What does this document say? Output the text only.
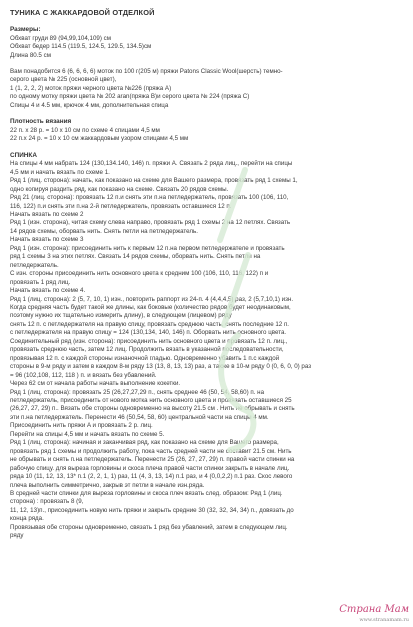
ТУНИКА С ЖАККАРДОВОЙ ОТДЕЛКОЙ
Размеры:
Обхват груди 89 (94,99,104,109) см
Обхват бедер 114.5 (119.5, 124.5, 129.5, 134.5)см
Длина 80.5 см
Вам понадобится 6 (6, 6, 6, 6) моток по 100 г(205 м) пряжи Patons Classic Wool(шерсть) темно-
серого цвета № 225 (основной цвет),
1 (1, 2, 2, 2) моток пряжи черного цвета №226 (пряжа A)
по одному мотку пряжи цвета № 202 aran(пряжа B)и серого цвета № 224 (пряжа C)
Спицы 4 и 4.5 мм, крючок 4 мм, дополнительная спица
Плотность вязания
22 п. х 28 р. = 10 х 10 см по схеме 4 спицами 4,5 мм
22 п.х 24 р. = 10 х 10 см жаккардовым узором спицами 4,5 мм
СПИНКА
На спицы 4 мм набрать 124 (130,134.140, 146) п. пряжи A. Связать 2 ряда лиц., перейти на спицы
4,5 мм и начать вязать по схеме 1.
Ряд 1 (лиц. сторона): начать, как показано на схеме для Вашего размера, провязать ряд 1 схемы 1,
одно копируя раздить ряд, как показано на схеме. Связать 20 рядов схемы.
Ряд 21 (лиц. сторона): провязать 12 п.и снять эти п.на петледержатель, провязать 100 (106, 110,
116, 122) п.и снять эти п.на 2-й петледержатель, провязать оставшиеся 12 п.
Начать вязать по схеме 2
Ряд 1 (изн. сторона), читая схему слева направо, провязать ряд 1 схемы 2 на 12 петлях. Связать
14 рядов схемы, оборвать нить. Снять петли на петледержатель.
Начать вязать по схеме 3
Ряд 1 (изн. сторона): присоединить нить к первым 12 п.на первом петледержателе и провязать
ряд 1 схемы 3 на этих петлях. Связать 14 рядов схемы, оборвать нить. Снять петли на
петледержатель.
С изн. стороны присоединить нить основного цвета к средним 100 (106, 110, 116, 122) п и
провязать 1 ряд лиц.
Начать вязать по схеме 4.
Ряд 1 (лиц. сторона): 2 (5, 7, 10, 1) изн., повторить раппорт из 24-п. 4 (4,4,4,5) раз, 2 (5,7,10,1) изн.
Когда средняя часть будет такой же длины, как боковые (количество рядов будет неодинаковым,
поэтому нужно их тщательно измерить длину), в следующем (лицевом) ряду
снять 12 п. с петледержателя на правую спицу, провязать среднюю часть, снять последние 12 п.
с петледержателя на правую спицу = 124 (130,134, 140, 146) п. Оборвать нить основного цвета.
Соединительный ряд (изн. сторона): присоединить нить основного цвета и провязать 12 п. лиц.,
провязать среднюю часть, затем 12 лиц. Продолжить вязать в указанной последовательности,
провязывая 12 п. с каждой стороны изнаночной гладью. Одновременно убавить 1 п.с каждой
стороны в 9-м ряду и затем в каждом 8-м ряду 13 (13, 8, 13, 13) раз, а также в 10-м ряду 0 (0, 6, 0, 0) раз
= 96 (102,108, 112, 118 ) п. и вязать без убавлений.
Через 62 см от начала работы начать выполнение кокетки.
Ряд 1 (лиц. сторона): провязать 25 (26,27,27,29 п., снять среднее 46 (50, 54, 58,60) п. на
петледержатель, присоединить от нового мотка нить основного цвета и провязать оставшиеся 25
(26,27, 27, 29) п.. Вязать обе стороны одновременно на высоту 21.5 см . Нить не обрывать и снять
эти п.на петледержатель. Перенести 46 (50,54, 58, 60) центральной части на спицы 4 мм.
Присоединить нить пряжи A и провязать 2 р. лиц.
Перейти на спицы 4,5 мм и начать вязать по схеме 5.
Ряд 1 (лиц. сторона): начиная и заканчивая ряд, как показано на схеме для Вашего размера,
провязать ряд 1 схемы и продолжить работу, пока часть средней части не составит 21.5 см. Нить
не обрывать и снять п.на петледержатель. Перенести 25 (26, 27, 27, 29) п. правой части спинки на
рабочую спицу. для выреза горловины и скоса плеча правой части спинки закрыть в начале лиц.
ряда 10 (11, 12, 13, 13* п.1 (2, 2, 1, 1) раз, 11 (4, 3, 13, 14) п.1 раз, и 4 (0,0,2,2) п.1 раз. Скос левого
плеча выполнить симметрично, закрыв эт петли в начале изн.ряда.
В средней части спинки для выреза горловины и скоса плеч вязать след. образом: Ряд 1 (лиц.
сторона) : провязать 8 (9,
11, 12, 13)п., присоединить новую нить пряжи и закрыть средние 30 (32, 32, 34, 34) п., довязать до
конца ряда.
Провязывая обе стороны одновременно, связать 1 ряд без убавлений, затем в следующем лиц.
ряду
Страна Мам
www.stranamam.ru
